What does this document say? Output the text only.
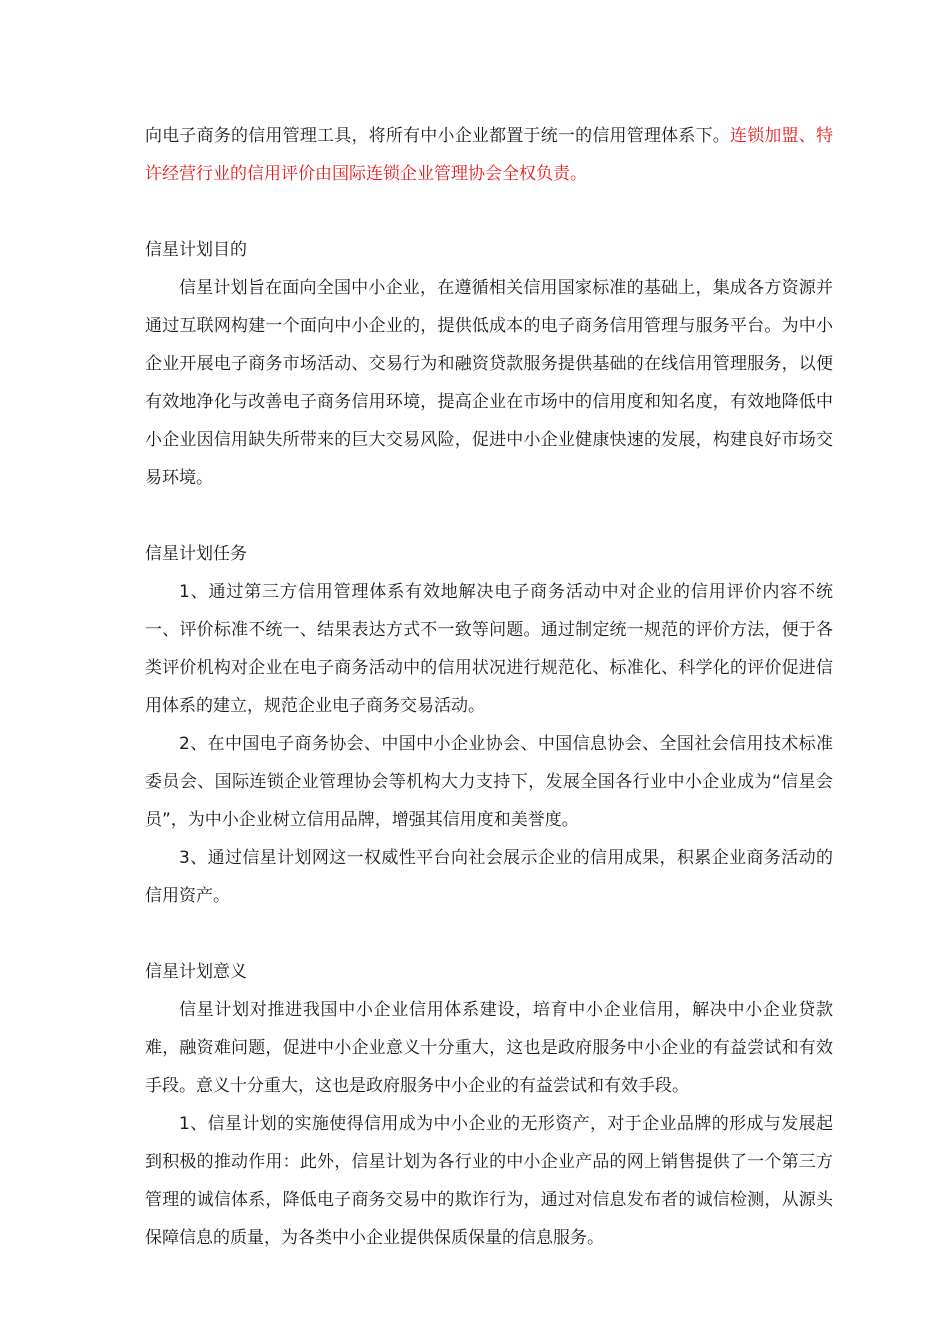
向电子商务的信用管理工具，将所有中小企业都置于统一的信用管理体系下。连锁加盟、特许经营行业的信用评价由国际连锁企业管理协会全权负责。

信星计划目的

信星计划旨在面向全国中小企业，在遵循相关信用国家标准的基础上，集成各方资源并通过互联网构建一个面向中小企业的，提供低成本的电子商务信用管理与服务平台。为中小企业开展电子商务市场活动、交易行为和融资贷款服务提供基础的在线信用管理服务，以便有效地净化与改善电子商务信用环境，提高企业在市场中的信用度和知名度，有效地降低中小企业因信用缺失所带来的巨大交易风险，促进中小企业健康快速的发展，构建良好市场交易环境。

信星计划任务

1、通过第三方信用管理体系有效地解决电子商务活动中对企业的信用评价内容不统一、评价标准不统一、结果表达方式不一致等问题。通过制定统一规范的评价方法，便于各类评价机构对企业在电子商务活动中的信用状况进行规范化、标准化、科学化的评价促进信用体系的建立，规范企业电子商务交易活动。

2、在中国电子商务协会、中国中小企业协会、中国信息协会、全国社会信用技术标准委员会、国际连锁企业管理协会等机构大力支持下，发展全国各行业中小企业成为“信星会员”，为中小企业树立信用品牌，增强其信用度和美誉度。

3、通过信星计划网这一权威性平台向社会展示企业的信用成果，积累企业商务活动的信用资产。

信星计划意义

信星计划对推进我国中小企业信用体系建设，培育中小企业信用，解决中小企业贷款难，融资难问题，促进中小企业意义十分重大，这也是政府服务中小企业的有益尝试和有效手段。意义十分重大，这也是政府服务中小企业的有益尝试和有效手段。

1、信星计划的实施使得信用成为中小企业的无形资产，对于企业品牌的形成与发展起到积极的推动作用：此外，信星计划为各行业的中小企业产品的网上销售提供了一个第三方管理的诚信体系，降低电子商务交易中的欺诈行为，通过对信息发布者的诚信检测，从源头保障信息的质量，为各类中小企业提供保质保量的信息服务。
